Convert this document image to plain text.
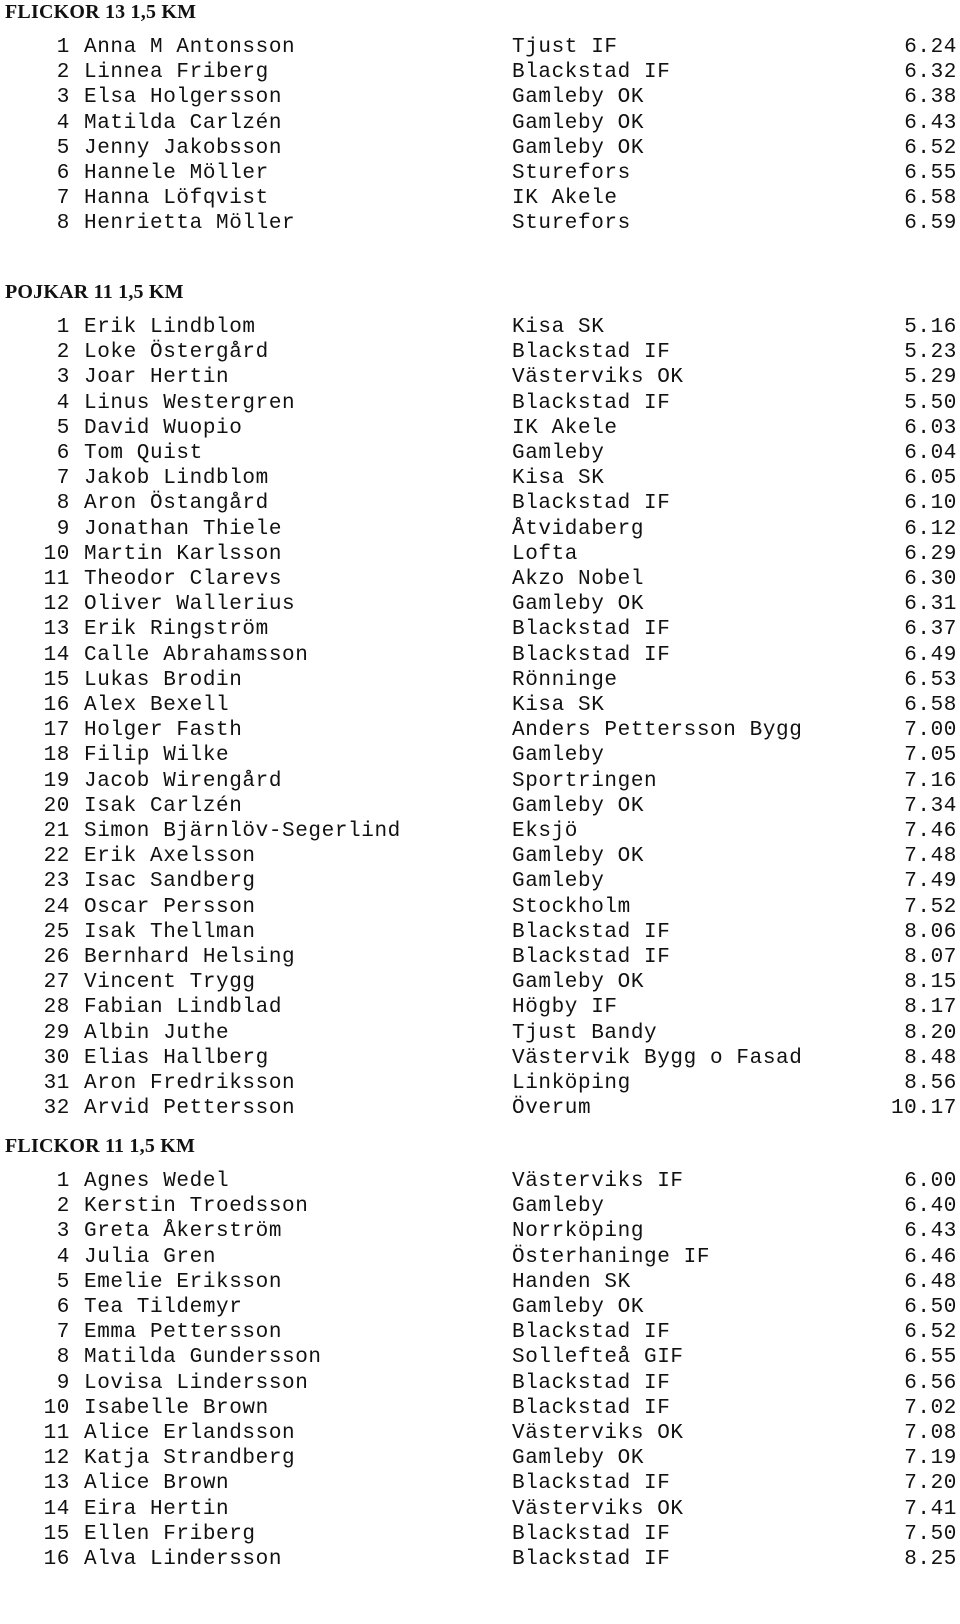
FLICKOR 13 1,5 KM
1 Anna M Antonsson	Tjust IF	6.24
2 Linnea Friberg	Blackstad IF	6.32
3 Elsa Holgersson	Gamleby OK	6.38
4 Matilda Carlzén	Gamleby OK	6.43
5 Jenny Jakobsson	Gamleby OK	6.52
6 Hannele Möller	Sturefors	6.55
7 Hanna Löfqvist	IK Akele	6.58
8 Henrietta Möller	Sturefors	6.59
POJKAR 11 1,5 KM
1 Erik Lindblom	Kisa SK	5.16
2 Loke Östergård	Blackstad IF	5.23
3 Joar Hertin	Västerviks OK	5.29
4 Linus Westergren	Blackstad IF	5.50
5 David Wuopio	IK Akele	6.03
6 Tom Quist	Gamleby	6.04
7 Jakob Lindblom	Kisa SK	6.05
8 Aron Östangård	Blackstad IF	6.10
9 Jonathan Thiele	Åtvidaberg	6.12
10 Martin Karlsson	Lofta	6.29
11 Theodor Clarevs	Akzo Nobel	6.30
12 Oliver Wallerius	Gamleby OK	6.31
13 Erik Ringström	Blackstad IF	6.37
14 Calle Abrahamsson	Blackstad IF	6.49
15 Lukas Brodin	Rönninge	6.53
16 Alex Bexell	Kisa SK	6.58
17 Holger Fasth	Anders Pettersson Bygg	7.00
18 Filip Wilke	Gamleby	7.05
19 Jacob Wirengård	Sportringen	7.16
20 Isak Carlzén	Gamleby OK	7.34
21 Simon Bjärnlöv-Segerlind	Eksjö	7.46
22 Erik Axelsson	Gamleby OK	7.48
23 Isac Sandberg	Gamleby	7.49
24 Oscar Persson	Stockholm	7.52
25 Isak Thellman	Blackstad IF	8.06
26 Bernhard Helsing	Blackstad IF	8.07
27 Vincent Trygg	Gamleby OK	8.15
28 Fabian Lindblad	Högby IF	8.17
29 Albin Juthe	Tjust Bandy	8.20
30 Elias Hallberg	Västervik Bygg o Fasad	8.48
31 Aron Fredriksson	Linköping	8.56
32 Arvid Pettersson	Överum	10.17
FLICKOR 11 1,5 KM
1 Agnes Wedel	Västerviks IF	6.00
2 Kerstin Troedsson	Gamleby	6.40
3 Greta Åkerström	Norrköping	6.43
4 Julia Gren	Österhaninge IF	6.46
5 Emelie Eriksson	Handen SK	6.48
6 Tea Tildemyr	Gamleby OK	6.50
7 Emma Pettersson	Blackstad IF	6.52
8 Matilda Gundersson	Sollefteå GIF	6.55
9 Lovisa Lindersson	Blackstad IF	6.56
10 Isabelle Brown	Blackstad IF	7.02
11 Alice Erlandsson	Västerviks OK	7.08
12 Katja Strandberg	Gamleby OK	7.19
13 Alice Brown	Blackstad IF	7.20
14 Eira Hertin	Västerviks OK	7.41
15 Ellen Friberg	Blackstad IF	7.50
16 Alva Lindersson	Blackstad IF	8.25
